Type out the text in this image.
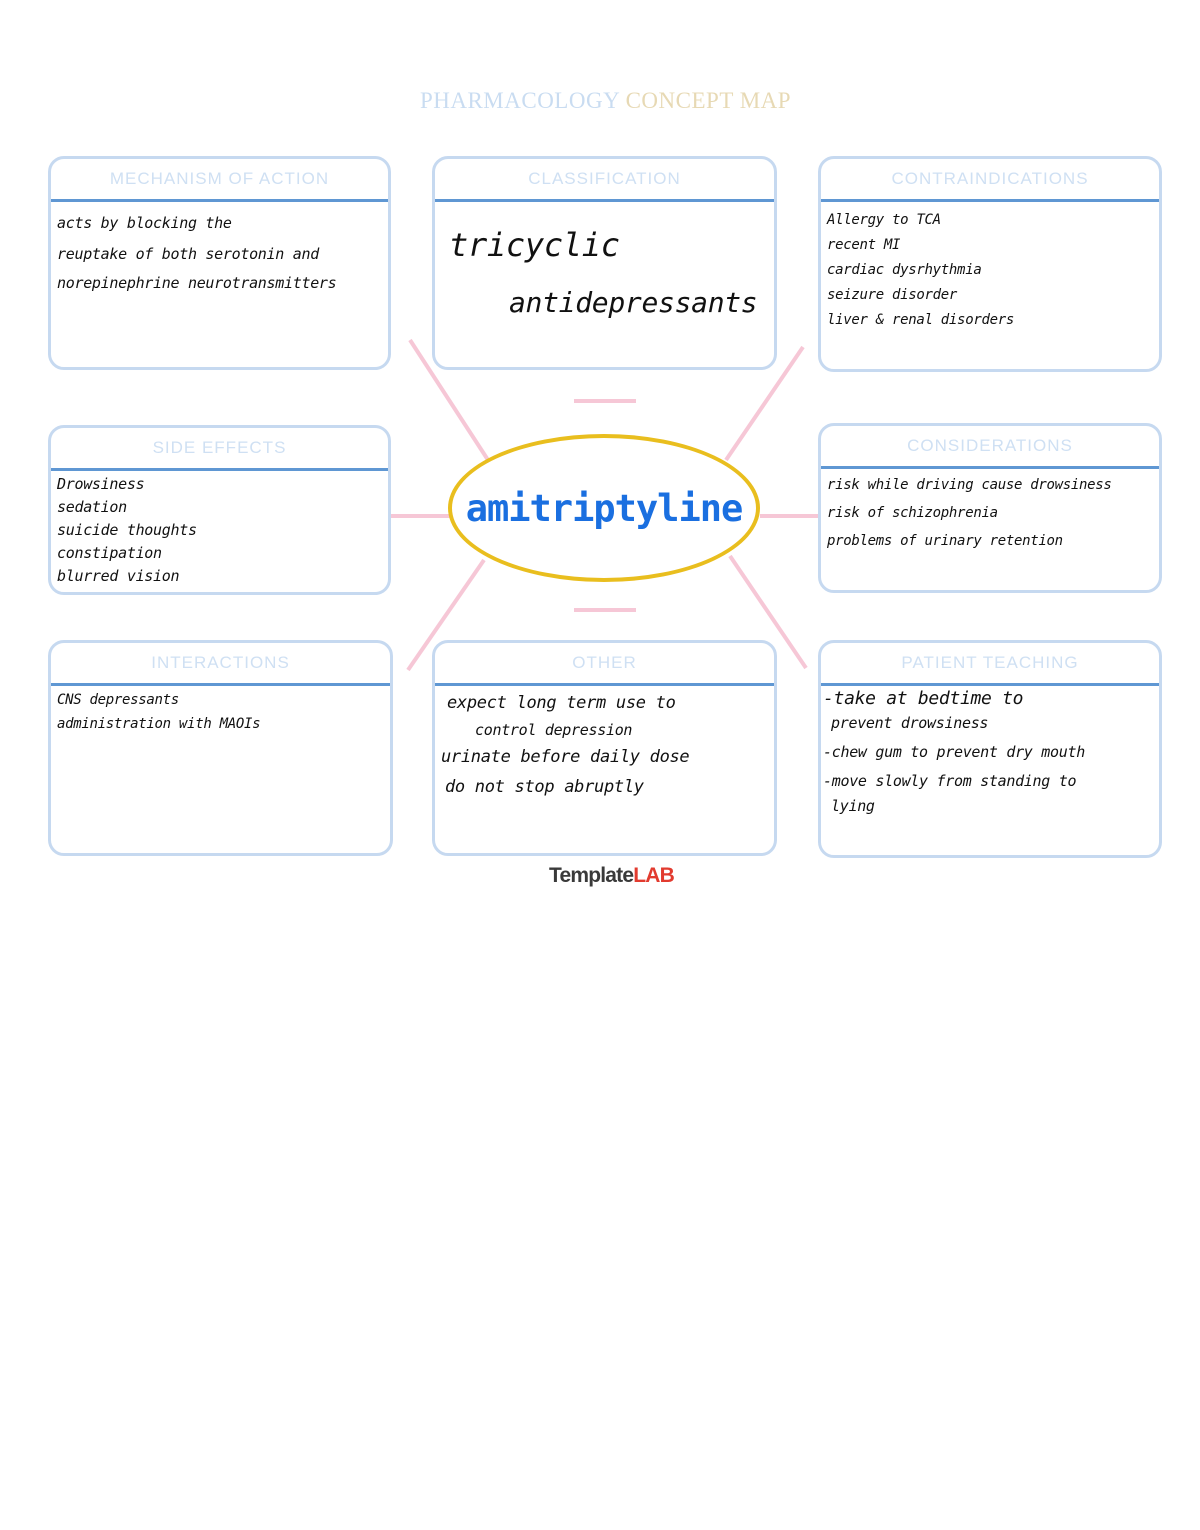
PHARMACOLOGY CONCEPT MAP
MECHANISM OF ACTION
acts by blocking the
reuptake of both serotonin and
norepinephrine neurotransmitters
CLASSIFICATION
tricyclic
antidepressants
CONTRAINDICATIONS
Allergy to TCA
recent MI
cardiac dysrhythmia
seizure disorder
liver & renal disorders
SIDE EFFECTS
Drowsiness
sedation
suicide thoughts
constipation
blurred vision
CONSIDERATIONS
risk while driving cause drowsiness
risk of schizophrenia
problems of urinary retention
INTERACTIONS
CNS depressants
administration with MAOIs
OTHER
expect long term use to
control depression
urinate before daily dose
do not stop abruptly
PATIENT TEACHING
-take at bedtime to
prevent drowsiness
-chew gum to prevent dry mouth
-move slowly from standing to
lying
amitriptyline
TemplateLAB
